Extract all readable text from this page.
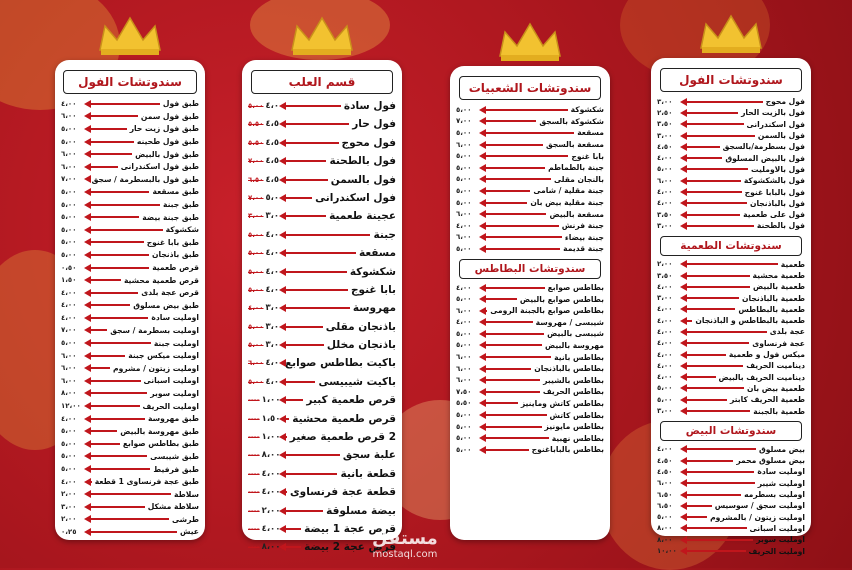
سندوتشات الفول
٤،٠٠	طبق فول
٦،٠٠	طبق فول سمن
٥،٠٠	طبق فول زيت حار
٥،٠٠	طبق فول طحينه
٦،٠٠	طبق فول بالبيض
٦،٠٠	طبق فول اسكندرانى
٧،٠٠	طبق فول بالبسطرمة / سجق
٥،٠٠	طبق مسقعة
٥،٠٠	طبق جبنة
٥،٠٠	طبق جبنة بيضة
٥،٠٠	شكشوكة
٥،٠٠	طبق بابا غنوج
٥،٠٠	طبق باذنجان
٠،٥٠	قرص طعمية
١،٥٠	قرص طعمية محشية
٤،٠٠	قرص عجة بلدى
٤،٠٠	طبق بيض مسلوق
٤،٠٠	اومليت سادة
٧،٠٠	اومليت بسطرمة / سجق
٥،٠٠	اومليت جبنة
٦،٠٠	اومليت ميكس جبنة
٦،٠٠	اومليت زيتون / مشروم
٦،٠٠	اومليت اسبانى
٨،٠٠	اومليت سوبر
١٢،٠٠	اومليت الحريف
٤،٠٠	طبق مهروسة
٥،٠٠	طبق مهروسة بالبيض
٥،٠٠	طبق بطاطس صوابع
٥،٠٠	طبق شيبسى
٥،٠٠	طبق فرفيط
٤،٠٠	طبق عجة فرنساوى 1 قطعة
٢،٠٠	سلاطة
٣،٠٠	سلاطة مشكل
٢،٠٠	طرشى
٠،٢٥	عيش
قسم العلب
٥،٠٠ ٤،٠٠	فول سادة
٥،٥٠ ٤،٥٠	فول حار
٥،٥٠ ٤،٥٠	فول محوج
٧،٠٠ ٤،٥٠	فول بالطحنة
٦،٥٠ ٤،٥٠	فول بالسمن
٧،٠٠ ٥،٠٠	فول اسكندرانى
٣،٠٠ ٣،٠٠	عجينة طعمية
٥،٠٠ ٤،٠٠	جبنة
٥،٠٠ ٤،٠٠	مسقعة
٥،٠٠ ٤،٠٠	شكشوكة
٥،٠٠ ٤،٠٠	بابا غنوج
٤،٠٠ ٣،٠٠	مهروسة
٥،٠٠ ٣،٠٠	باذنجان مقلى
٥،٠٠ ٣،٠٠	باذنجان مخلل
٦،٠٠ ٤،٠٠ باكيت بطاطس صوابع
٥،٠٠ ٤،٠٠	باكيت شيبيسى
---- ١،٠٠ قرص طعمية كبير
---- ١،٥٠ قرص طعمية محشية
---- ١،٠٠ 2 قرص طعمية صغير
---- ٨،٠٠	علبة سجق
---- ٤،٠٠	قطعة بانية
---- ٤،٠٠ قطعة عجة فرنساوى
---- ٢،٠٠	بيضة مسلوقة
---- ٤،٠٠ قرص عجة 1 بيضة
---- ٨،٠٠ قرص عجة 2 بيضة
سندوتشات الشعبيات
٥،٠٠	شكشوكة
٧،٠٠	شكشوكة بالسجق
٥،٠٠	مسقعة
٦،٠٠	مسقعة بالسجق
٥،٠٠	بابا غنوج
٥،٠٠	جبنة بالطماطم
٥،٠٠	بالنجان مقلى
٥،٠٠	جبنة مقلية / شامى
٥،٠٠	جبنة مقلية بيض بان
٦،٠٠	مسقعة بالبيض
٤،٠٠	جبنة فرنش
٦،٠٠	جبنة بيضاء
٥،٠٠	جبنة قديمة
سندوتشات البطاطس
٤،٠٠	بطاطس صوابع
٥،٠٠	بطاطس صوابع بالبيض
٦،٠٠	بطاطس صوابع بالجبنة الرومى
٤،٠٠	شيبسى / مهروسة
٥،٠٠	شيبسى بالبيض
٥،٠٠	مهروسة بالبيض
٦،٠٠	بطاطس بانية
٦،٠٠	بطاطس بالباذنجان
٦،٠٠	بطاطس بالشيبر
٧،٥٠	بطاطس الحريف
٥،٥٠	بطاطس كاتش وماينيز
٥،٠٠	بطاطس كاتش
٥،٠٠	بطاطس مايونيز
٥،٠٠	بطاطس نهبية
٥،٠٠	بطاطس بالباباغنوج
سندوتشات الفول
٣،٠٠	فول محوج
٢،٥٠	فول بالزيت الحار
٣،٥٠	فول اسكندرانى
٣،٠٠	فول بالسمن
٤،٥٠	فول بسطرمة/بالسجق
٤،٠٠	فول بالبيض المسلوق
٥،٠٠	فول بالاومليت
٦،٠٠	فول بالشكشوكة
٤،٠٠	فول بالبابا غنوج
٤،٠٠	فول بالباذنجان
٣،٥٠	فول على طعمية
٣،٠٠	فول بالطحنة
سندوتشات الطعمية
٢،٠٠	طعمية
٣،٥٠	طعمية محشية
٤،٠٠	طعمية بالبيض
٣،٠٠	طعمية بالباذنجان
٤،٠٠	طعمية بالبطاطس
٤،٠٠	طعمية بالبطاطس و الباذنجان
٤،٠٠	عجة بلدى
٤،٠٠	عجة فرنساوى
٤،٠٠	ميكس فول و طعمية
٤،٠٠	ديناميت الحريف
٤،٠٠	ديناميت الحريف بالبيض
٥،٠٠	طعمية بيض بان
٥،٠٠	طعمية الحريف كابتر
٣،٠٠	طعمية بالجبنة
سندوتشات البيض
٤،٠٠	بيض مسلوق
٤،٥٠	بيض مسلوق محمر
٤،٥٠	اومليت سادة
٦،٠٠	اومليت شيبر
٦،٥٠	اومليت بسطرمه
٦،٥٠	اومليت سجق / سوسيس
٥،٠٠	اومليت زيتون / بالمشروم
٨،٠٠	اومليت اسبانى
٨،٠٠	اومليت سوبر
١٠،٠٠	اومليت الحريف
مستقل
mostaql.com
